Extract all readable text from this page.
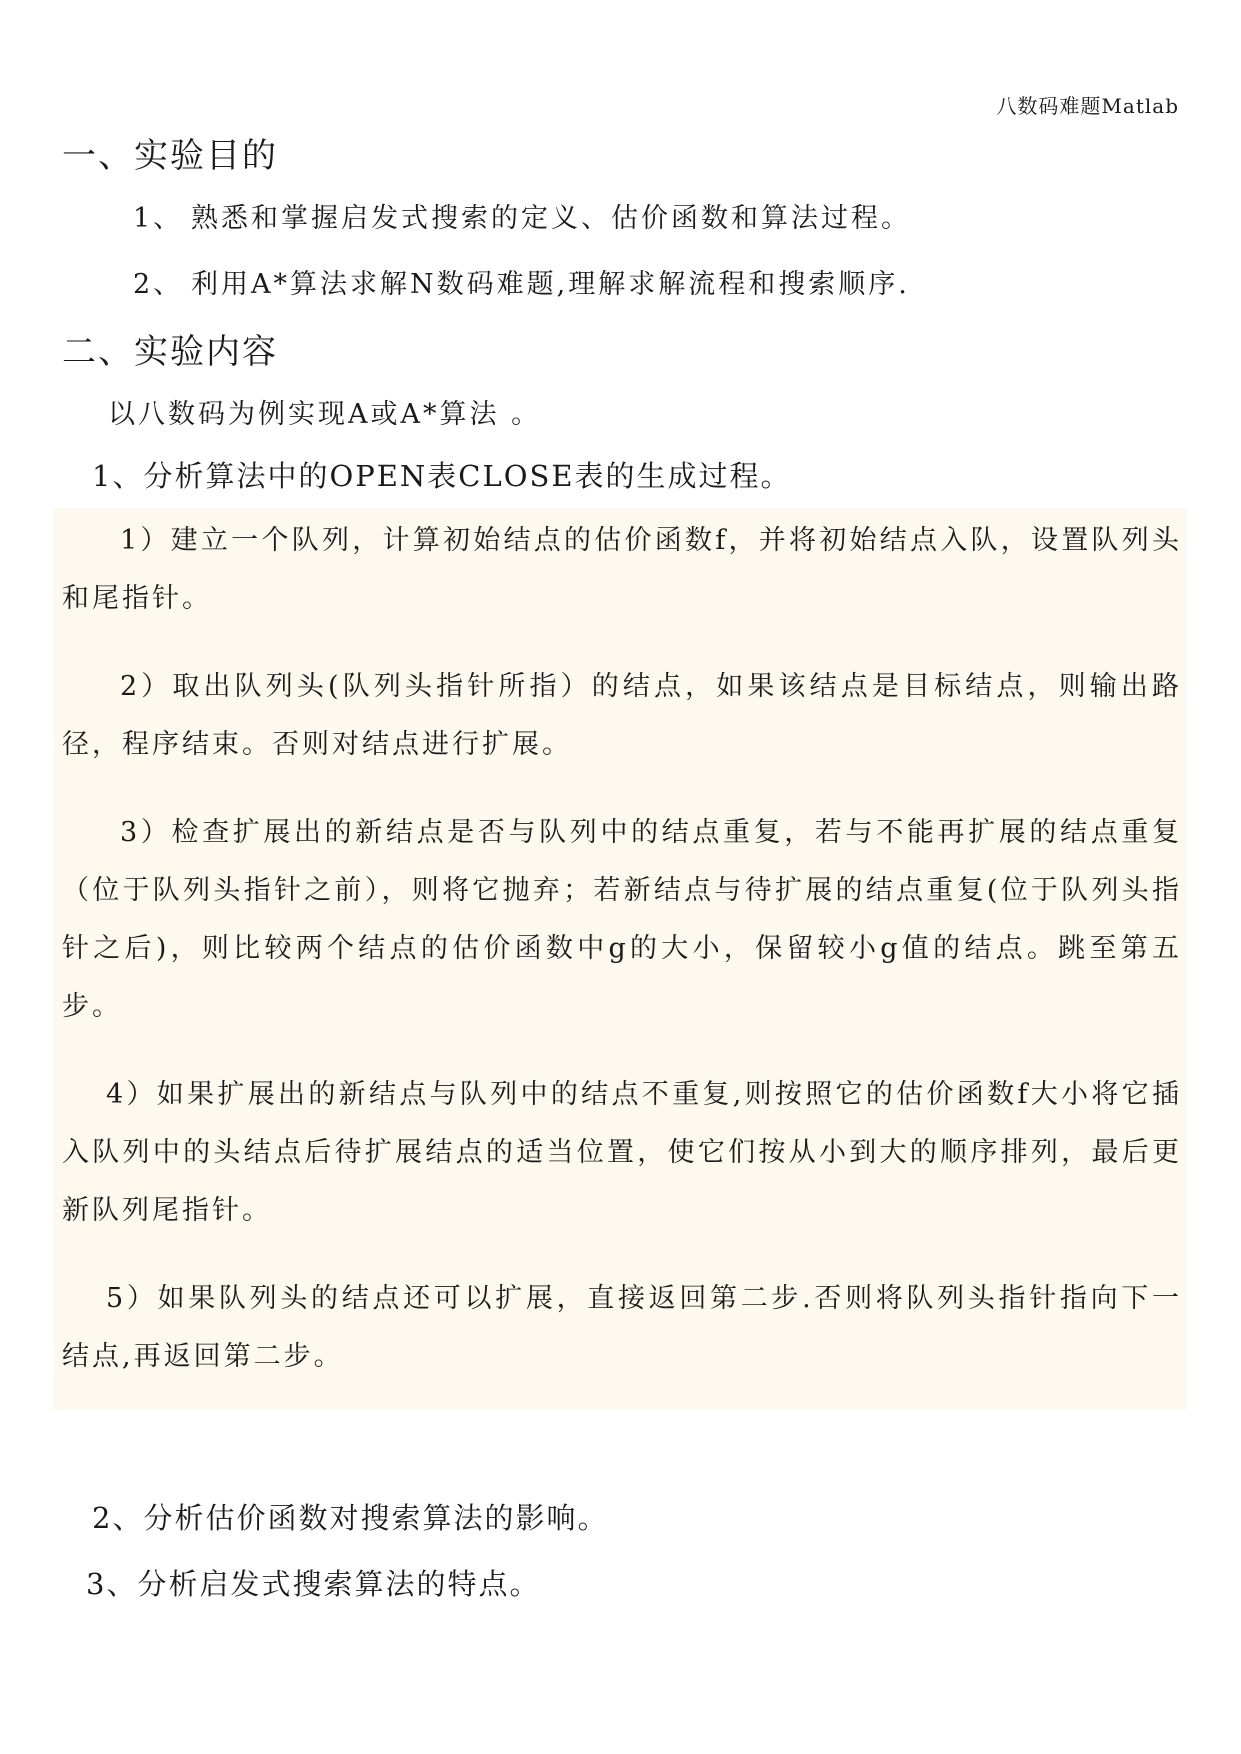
八数码难题Matlab
一、实验目的
1、 熟悉和掌握启发式搜索的定义、估价函数和算法过程。
2、 利用A*算法求解N数码难题,理解求解流程和搜索顺序.
二、实验内容
以八数码为例实现A或A*算法 。
1、分析算法中的OPEN表CLOSE表的生成过程。
1）建立一个队列，计算初始结点的估价函数f，并将初始结点入队，设置队列头和尾指针。
2）取出队列头(队列头指针所指）的结点，如果该结点是目标结点，则输出路径，程序结束。否则对结点进行扩展。
3）检查扩展出的新结点是否与队列中的结点重复，若与不能再扩展的结点重复（位于队列头指针之前），则将它抛弃；若新结点与待扩展的结点重复(位于队列头指针之后)，则比较两个结点的估价函数中g的大小，保留较小g值的结点。跳至第五步。
4）如果扩展出的新结点与队列中的结点不重复,则按照它的估价函数f大小将它插入队列中的头结点后待扩展结点的适当位置，使它们按从小到大的顺序排列，最后更新队列尾指针。
5）如果队列头的结点还可以扩展，直接返回第二步.否则将队列头指针指向下一结点,再返回第二步。
2、分析估价函数对搜索算法的影响。
3、分析启发式搜索算法的特点。
